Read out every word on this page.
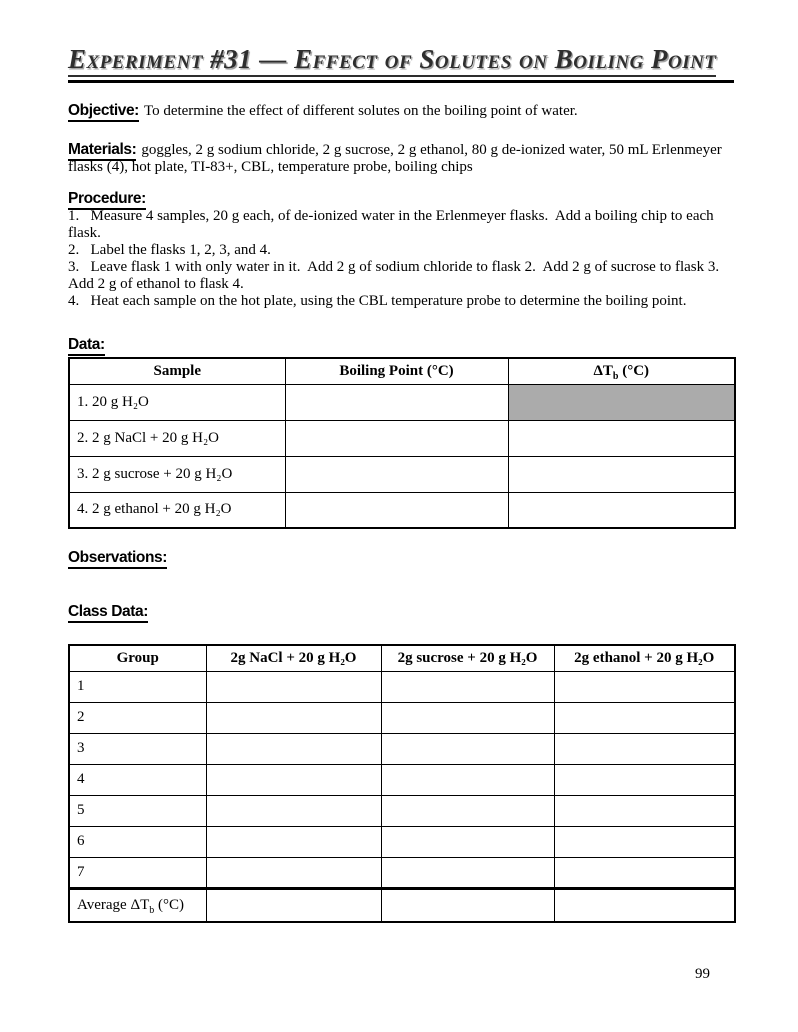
Experiment #31 — Effect of Solutes on Boiling Point

Objective: To determine the effect of different solutes on the boiling point of water.

Materials: goggles, 2 g sodium chloride, 2 g sucrose, 2 g ethanol, 80 g de-ionized water, 50 mL Erlenmeyer flasks (4), hot plate, TI-83+, CBL, temperature probe, boiling chips

Procedure:

1.   Measure 4 samples, 20 g each, of de-ionized water in the Erlenmeyer flasks.  Add a boiling chip to each flask.

2.   Label the flasks 1, 2, 3, and 4.

3.   Leave flask 1 with only water in it.  Add 2 g of sodium chloride to flask 2.  Add 2 g of sucrose to flask 3.  Add 2 g of ethanol to flask 4.

4.   Heat each sample on the hot plate, using the CBL temperature probe to determine the boiling point.

Data:

Sample	Boiling Point (°C)	$\Delta T_b$ (°C)
1. 20 g H₂O		
2. 2 g NaCl + 20 g H₂O		
3. 2 g sucrose + 20 g H₂O		
4. 2 g ethanol + 20 g H₂O		

Observations:

Class Data:

Group	2g NaCl + 20 g H₂O	2g sucrose + 20 g H₂O	2g ethanol + 20 g H₂O
1			
2			
3			
4			
5			
6			
7			
Average $\Delta T_b$ (°C)			
99
